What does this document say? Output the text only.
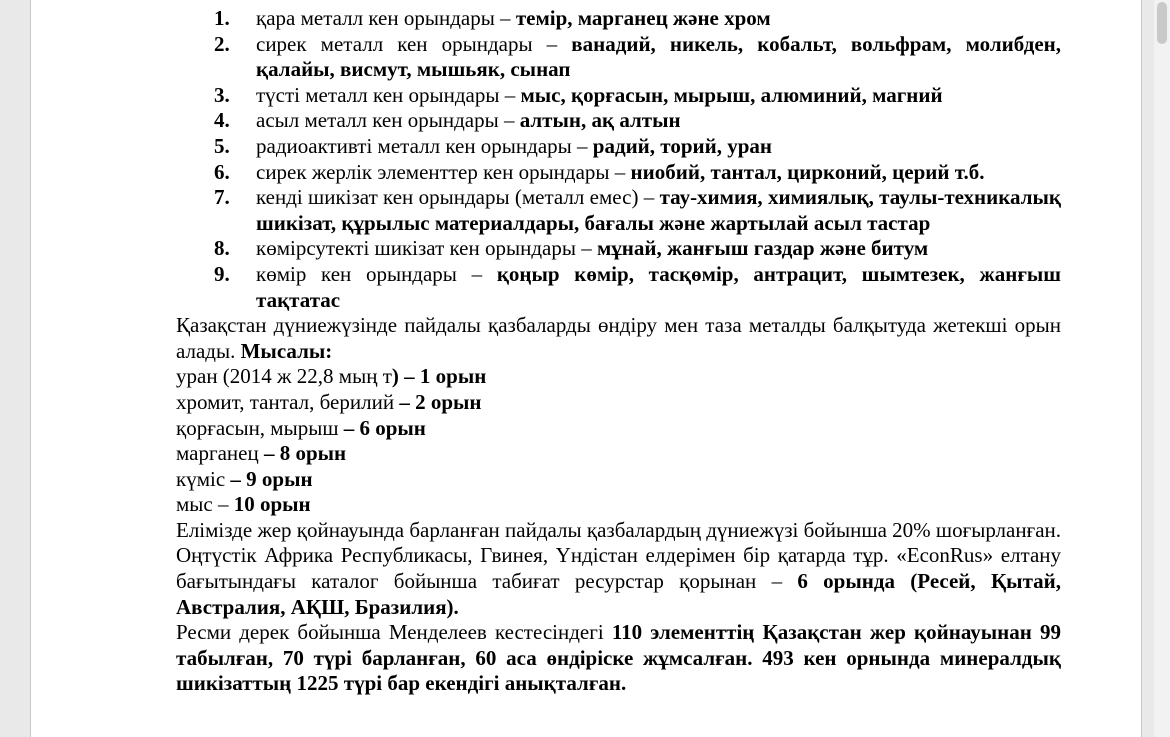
1. қара металл кен орындары – темір, марганец және хром
2. сирек металл кен орындары – ванадий, никель, кобальт, вольфрам, молибден, қалайы, висмут, мышьяк, сынап
3. түсті металл кен орындары – мыс, қорғасын, мырыш, алюминий, магний
4. асыл металл кен орындары – алтын, ақ алтын
5. радиоактивті металл кен орындары – радий, торий, уран
6. сирек жерлік элементтер кен орындары – ниобий, тантал, цирконий, церий т.б.
7. кенді шикізат кен орындары (металл емес) – тау-химия, химиялық, таулы-техникалық шикізат, құрылыс материалдары, бағалы және жартылай асыл тастар
8. көмірсутекті шикізат кен орындары – мұнай, жанғыш газдар және битум
9. көмір кен орындары – қоңыр көмір, тасқөмір, антрацит, шымтезек, жанғыш тақтатас

Қазақстан дүниежүзінде пайдалы қазбаларды өндіру мен таза металды балқытуда жетекші орын алады. Мысалы:

уран (2014 ж 22,8 мың т) – 1 орын

хромит, тантал, берилий – 2 орын

қорғасын, мырыш – 6 орын

марганец – 8 орын

күміс – 9 орын

мыс – 10 орын

Елімізде жер қойнауында барланған пайдалы қазбалардың дүниежүзі бойынша 20% шоғырланған. Оңтүстік Африка Республикасы, Гвинея, Үндістан елдерімен бір қатарда тұр. «EconRus» елтану бағытындағы каталог бойынша табиғат ресурстар қорынан – 6 орында (Ресей, Қытай, Австралия, АҚШ, Бразилия).

Ресми дерек бойынша Менделеев кестесіндегі 110 элементтің Қазақстан жер қойнауынан 99 табылған, 70 түрі барланған, 60 аса өндіріске жұмсалған. 493 кен орнында минералдық шикізаттың 1225 түрі бар екендігі анықталған.
